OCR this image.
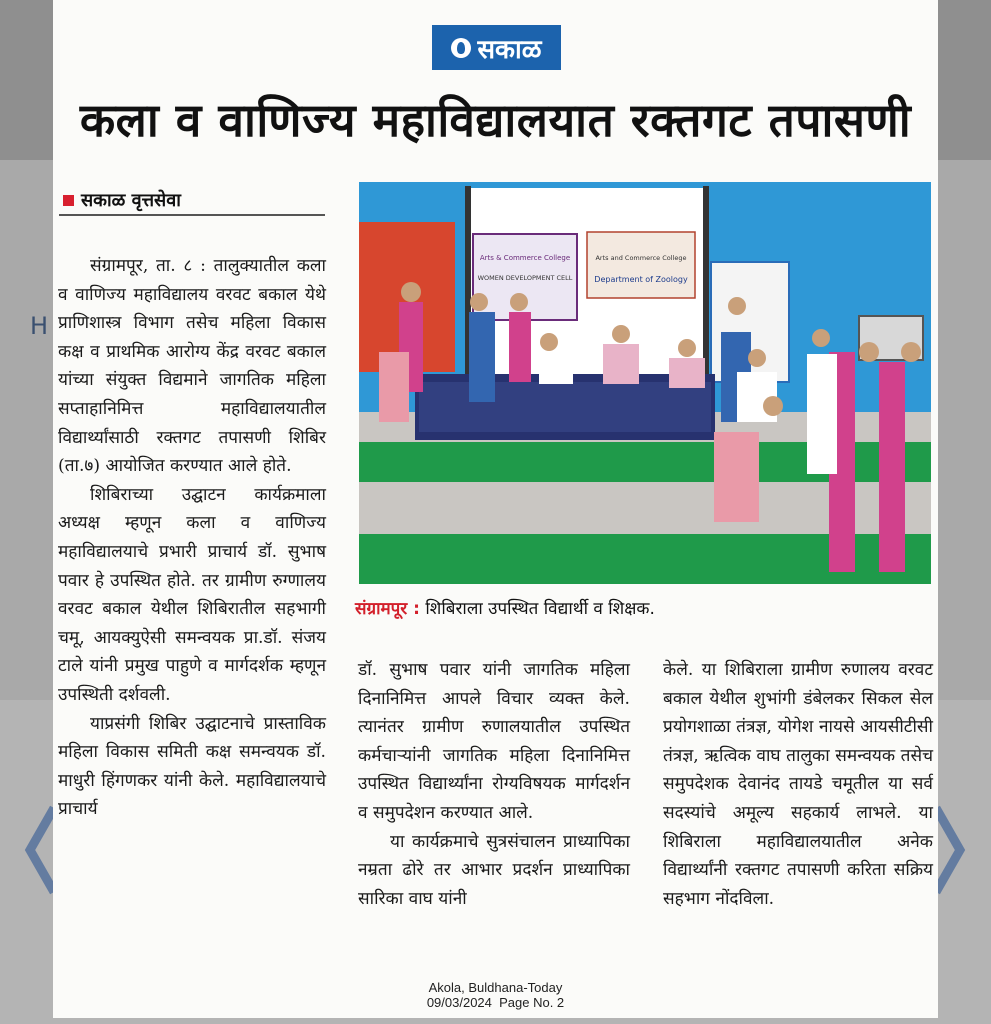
H
सकाळ
कला व वाणिज्य महाविद्यालयात रक्तगट तपासणी
सकाळ वृत्तसेवा

संग्रामपूर, ता. ८ : तालुक्यातील कला व वाणिज्य महाविद्यालय वरवट बकाल येथे प्राणिशास्त्र विभाग तसेच महिला विकास कक्ष व प्राथमिक आरोग्य केंद्र वरवट बकाल यांच्या संयुक्त विद्यमाने जागतिक महिला सप्ताहानिमित्त महाविद्यालयातील विद्यार्थ्यांसाठी रक्तगट तपासणी शिबिर (ता.७) आयोजित करण्यात आले होते.

शिबिराच्या उद्घाटन कार्यक्रमाला अध्यक्ष म्हणून कला व वाणिज्य महाविद्यालयाचे प्रभारी प्राचार्य डॉ. सुभाष पवार हे उपस्थित होते. तर ग्रामीण रुग्णालय वरवट बकाल येथील शिबिरातील सहभागी चमू, आयक्युऐसी समन्वयक प्रा.डॉ. संजय टाले यांनी प्रमुख पाहुणे व मार्गदर्शक म्हणून उपस्थिती दर्शवली.

याप्रसंगी शिबिर उद्घाटनाचे प्रास्ताविक महिला विकास समिती कक्ष समन्वयक डॉ. माधुरी हिंगणकर यांनी केले. महाविद्यालयाचे प्राचार्य

Arts & Commerce College
WOMEN DEVELOPMENT CELL
Arts and Commerce College
Department of Zoology
संग्रामपूर : शिबिराला उपस्थित विद्यार्थी व शिक्षक.

डॉ. सुभाष पवार यांनी जागतिक महिला दिनानिमित्त आपले विचार व्यक्त केले. त्यानंतर ग्रामीण रुणालयातील उपस्थित कर्मचाऱ्यांनी जागतिक महिला दिनानिमित्त उपस्थित विद्यार्थ्यांना रोग्यविषयक मार्गदर्शन व समुपदेशन करण्यात आले.

या कार्यक्रमाचे सुत्रसंचालन प्राध्यापिका नम्रता ढोरे तर आभार प्रदर्शन प्राध्यापिका सारिका वाघ यांनी

केले. या शिबिराला ग्रामीण रुणालय वरवट बकाल येथील शुभांगी डंबेलकर सिकल सेल प्रयोगशाळा तंत्रज्ञ, योगेश नायसे आयसीटीसी तंत्रज्ञ, ऋत्विक वाघ तालुका समन्वयक तसेच समुपदेशक देवानंद तायडे चमूतील या सर्व सदस्यांचे अमूल्य सहकार्य लाभले. या शिबिराला महाविद्यालयातील अनेक विद्यार्थ्यांनी रक्तगट तपासणी करिता सक्रिय सहभाग नोंदविला.

Akola, Buldhana-Today
09/03/2024  Page No. 2
